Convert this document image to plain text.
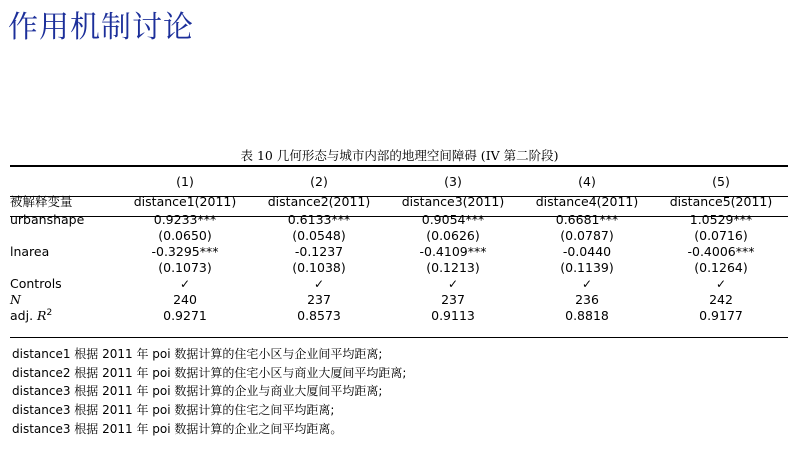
作用机制讨论
表 10 几何形态与城市内部的地理空间障碍 (IV 第二阶段)
	(1)	(2)	(3)	(4)	(5)
被解释变量	distance1(2011)	distance2(2011)	distance3(2011)	distance4(2011)	distance5(2011)
urbanshape	0.9233***	0.6133***	0.9054***	0.6681***	1.0529***
	(0.0650)	(0.0548)	(0.0626)	(0.0787)	(0.0716)
lnarea	-0.3295***	-0.1237	-0.4109***	-0.0440	-0.4006***
	(0.1073)	(0.1038)	(0.1213)	(0.1139)	(0.1264)
Controls	✓	✓	✓	✓	✓
N	240	237	237	236	242
adj. $R^2$	0.9271	0.8573	0.9113	0.8818	0.9177
distance1 根据 2011 年 poi 数据计算的住宅小区与企业间平均距离;
distance2 根据 2011 年 poi 数据计算的住宅小区与商业大厦间平均距离;
distance3 根据 2011 年 poi 数据计算的企业与商业大厦间平均距离;
distance3 根据 2011 年 poi 数据计算的住宅之间平均距离;
distance3 根据 2011 年 poi 数据计算的企业之间平均距离。
